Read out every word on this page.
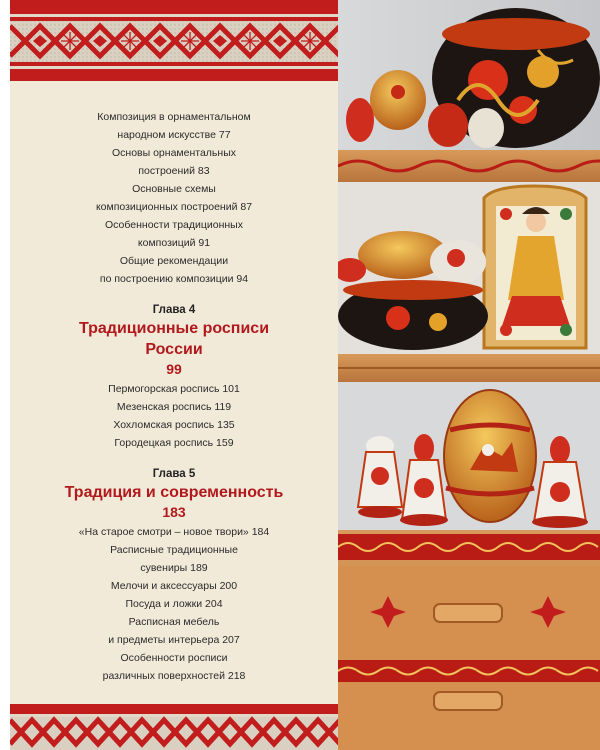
Композиция в орнаментальном
народном искусстве 77
Основы орнаментальных
построений 83
Основные схемы
композиционных построений 87
Особенности традиционных
композиций 91
Общие рекомендации
по построению композиции 94
Глава 4
Традиционные росписи
России
99
Пермогорская роспись 101
Мезенская роспись 119
Хохломская роспись 135
Городецкая роспись 159
Глава 5
Традиция и современность
183
«На старое смотри – новое твори» 184
Расписные традиционные
сувениры 189
Мелочи и аксессуары 200
Посуда и ложки 204
Расписная мебель
и предметы интерьера 207
Особенности росписи
различных поверхностей 218
